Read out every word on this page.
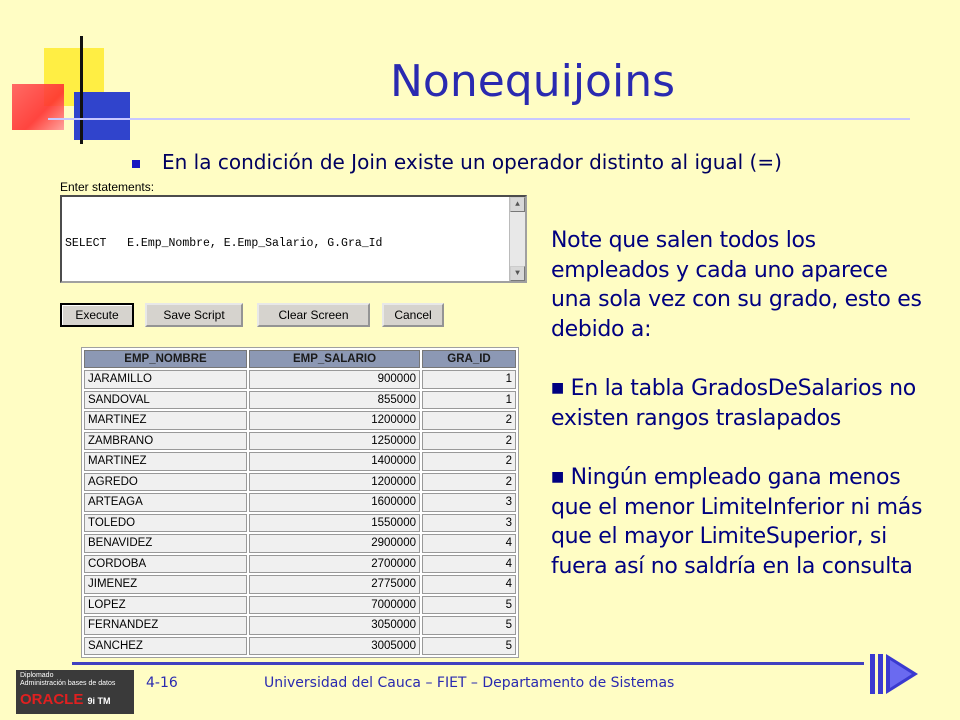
Nonequijoins
En la condición de Join existe un operador distinto al igual (=)
Enter statements:

SELECT   E.Emp_Nombre, E.Emp_Salario, G.Gra_Id

▲

▼

Execute	Save Script	Clear Screen	Cancel
EMP_NOMBRE	EMP_SALARIO	GRA_ID
JARAMILLO	900000	1
SANDOVAL	855000	1
MARTINEZ	1200000	2
ZAMBRANO	1250000	2
MARTINEZ	1400000	2
AGREDO	1200000	2
ARTEAGA	1600000	3
TOLEDO	1550000	3
BENAVIDEZ	2900000	4
CORDOBA	2700000	4
JIMENEZ	2775000	4
LOPEZ	7000000	5
FERNANDEZ	3050000	5
SANCHEZ	3005000	5

Note que salen todos los empleados y cada uno aparece una sola vez con su grado, esto es debido a:

■ En la tabla GradosDeSalarios no existen rangos traslapados

■ Ningún empleado gana menos que el menor LimiteInferior ni más que el mayor LimiteSuperior, si fuera así no saldría en la consulta

Diplomado
Administración bases de datos
ORACLE 9i TM
4-16	Universidad del Cauca – FIET – Departamento de Sistemas
